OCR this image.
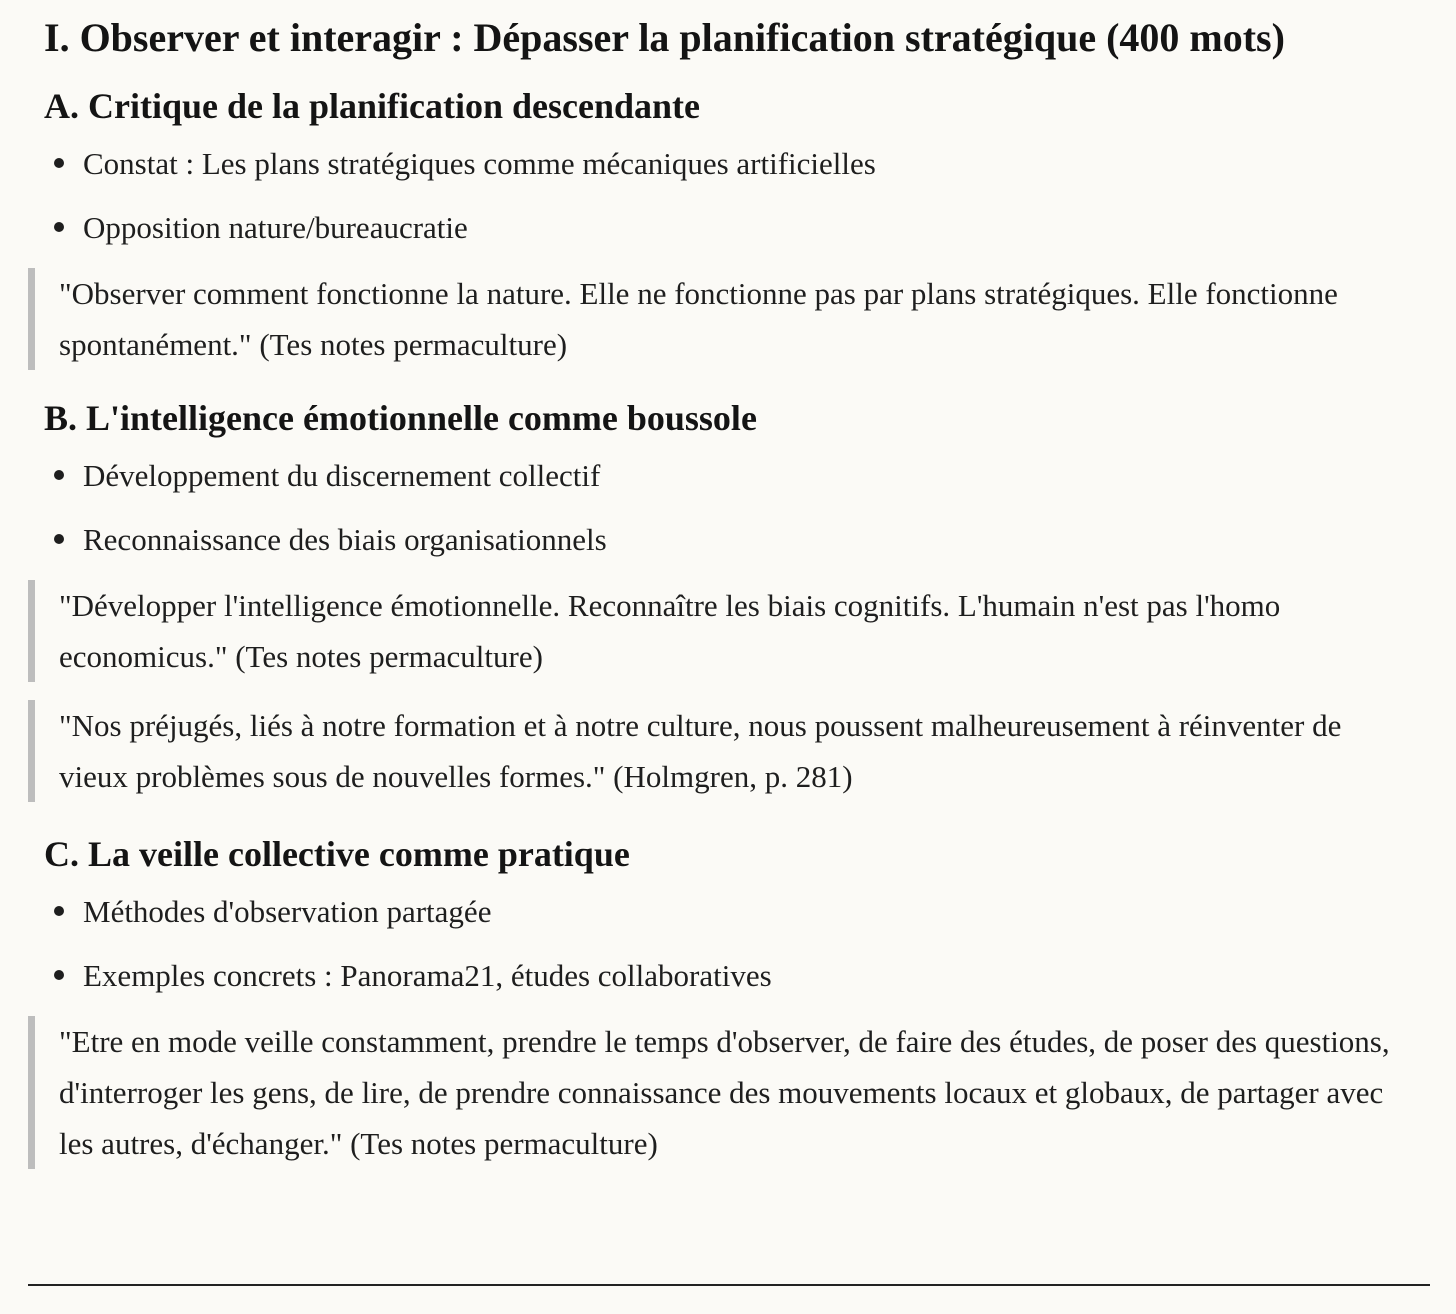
I. Observer et interagir : Dépasser la planification stratégique (400 mots)
A. Critique de la planification descendante
Constat : Les plans stratégiques comme mécaniques artificielles
Opposition nature/bureaucratie
"Observer comment fonctionne la nature. Elle ne fonctionne pas par plans stratégiques. Elle fonctionne spontanément." (Tes notes permaculture)
B. L'intelligence émotionnelle comme boussole
Développement du discernement collectif
Reconnaissance des biais organisationnels
"Développer l'intelligence émotionnelle. Reconnaître les biais cognitifs. L'humain n'est pas l'homo economicus." (Tes notes permaculture)
"Nos préjugés, liés à notre formation et à notre culture, nous poussent malheureusement à réinventer de vieux problèmes sous de nouvelles formes." (Holmgren, p. 281)
C. La veille collective comme pratique
Méthodes d'observation partagée
Exemples concrets : Panorama21, études collaboratives
"Etre en mode veille constamment, prendre le temps d'observer, de faire des études, de poser des questions, d'interroger les gens, de lire, de prendre connaissance des mouvements locaux et globaux, de partager avec les autres, d'échanger." (Tes notes permaculture)
